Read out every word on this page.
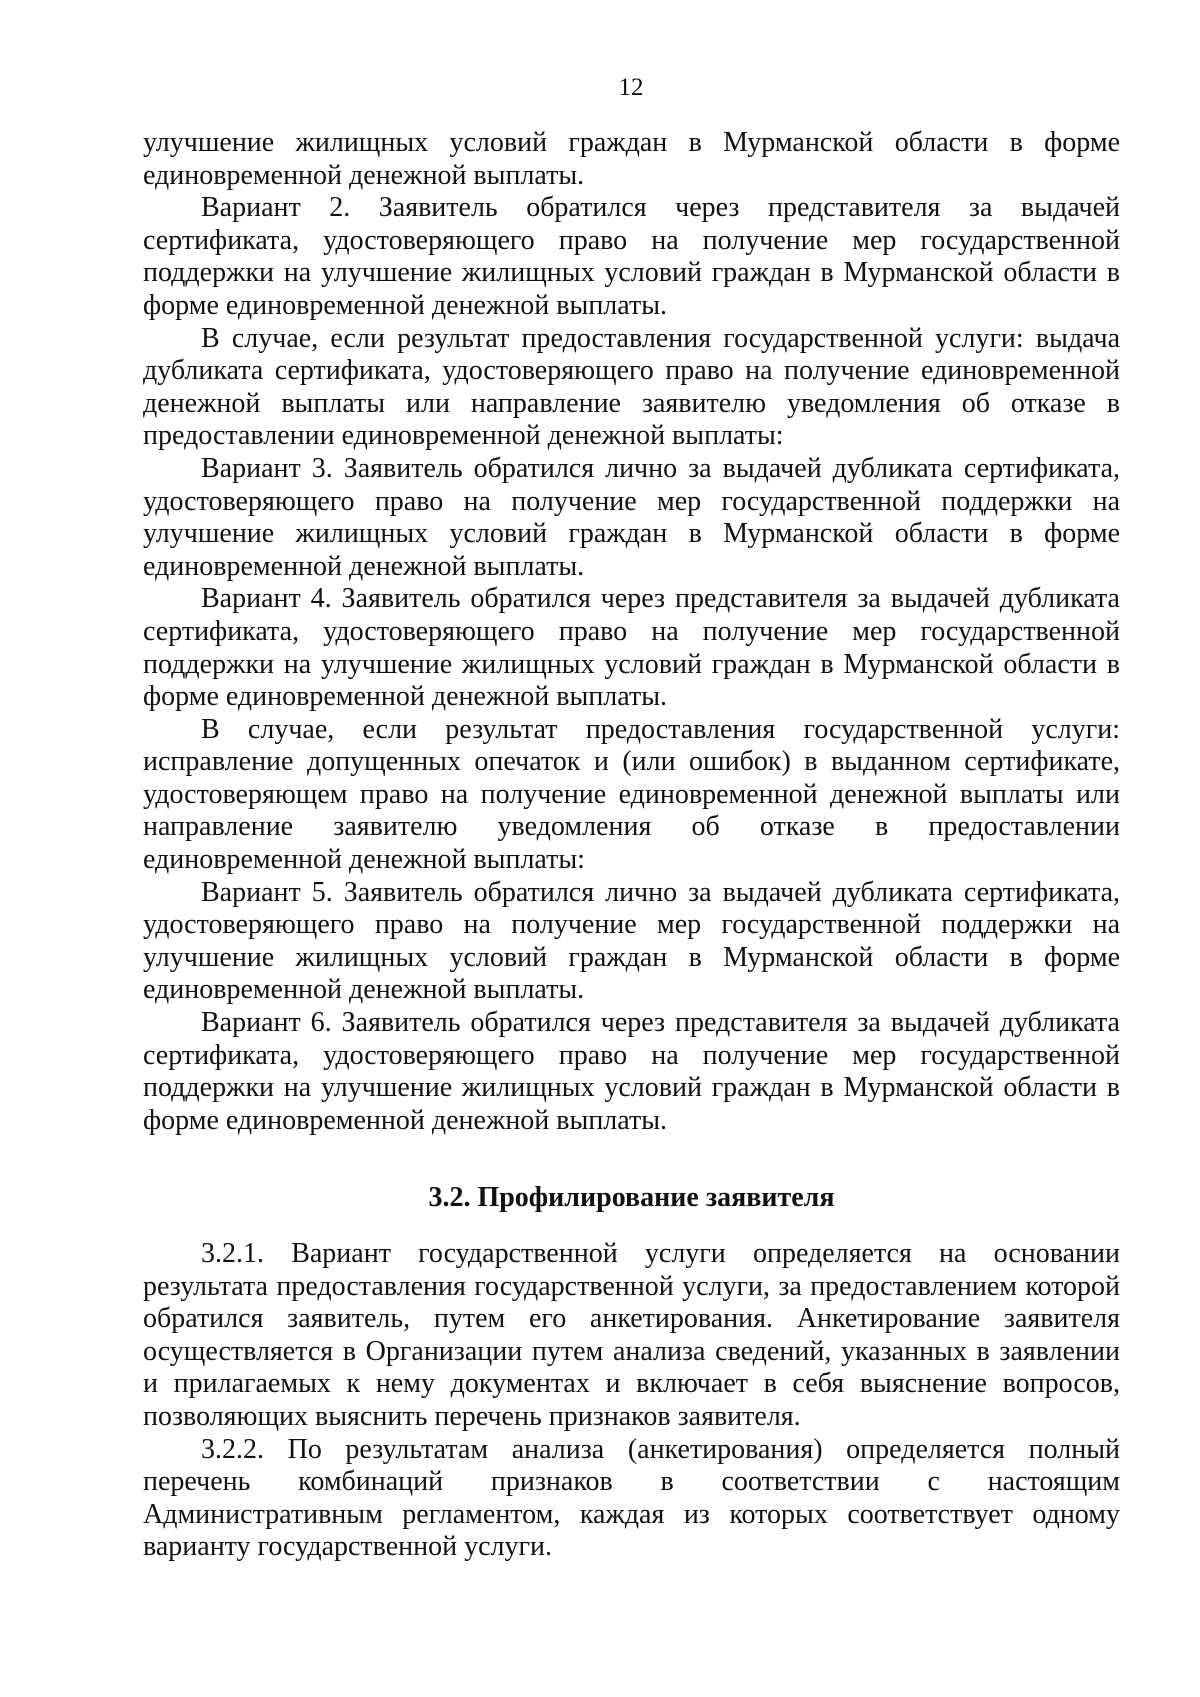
12

улучшение жилищных условий граждан в Мурманской области в форме единовременной денежной выплаты.

Вариант 2. Заявитель обратился через представителя за выдачей сертификата, удостоверяющего право на получение мер государственной поддержки на улучшение жилищных условий граждан в Мурманской области в форме единовременной денежной выплаты.

В случае, если результат предоставления государственной услуги: выдача дубликата сертификата, удостоверяющего право на получение единовременной денежной выплаты или направление заявителю уведомления об отказе в предоставлении единовременной денежной выплаты:

Вариант 3. Заявитель обратился лично за выдачей дубликата сертификата, удостоверяющего право на получение мер государственной поддержки на улучшение жилищных условий граждан в Мурманской области в форме единовременной денежной выплаты.

Вариант 4. Заявитель обратился через представителя за выдачей дубликата сертификата, удостоверяющего право на получение мер государственной поддержки на улучшение жилищных условий граждан в Мурманской области в форме единовременной денежной выплаты.

В случае, если результат предоставления государственной услуги: исправление допущенных опечаток и (или ошибок) в выданном сертификате, удостоверяющем право на получение единовременной денежной выплаты или направление заявителю уведомления об отказе в предоставлении единовременной денежной выплаты:

Вариант 5. Заявитель обратился лично за выдачей дубликата сертификата, удостоверяющего право на получение мер государственной поддержки на улучшение жилищных условий граждан в Мурманской области в форме единовременной денежной выплаты.

Вариант 6. Заявитель обратился через представителя за выдачей дубликата сертификата, удостоверяющего право на получение мер государственной поддержки на улучшение жилищных условий граждан в Мурманской области в форме единовременной денежной выплаты.

3.2. Профилирование заявителя

3.2.1. Вариант государственной услуги определяется на основании результата предоставления государственной услуги, за предоставлением которой обратился заявитель, путем его анкетирования. Анкетирование заявителя осуществляется в Организации путем анализа сведений, указанных в заявлении и прилагаемых к нему документах и включает в себя выяснение вопросов, позволяющих выяснить перечень признаков заявителя.

3.2.2. По результатам анализа (анкетирования) определяется полный перечень комбинаций признаков в соответствии с настоящим Административным регламентом, каждая из которых соответствует одному варианту государственной услуги.
